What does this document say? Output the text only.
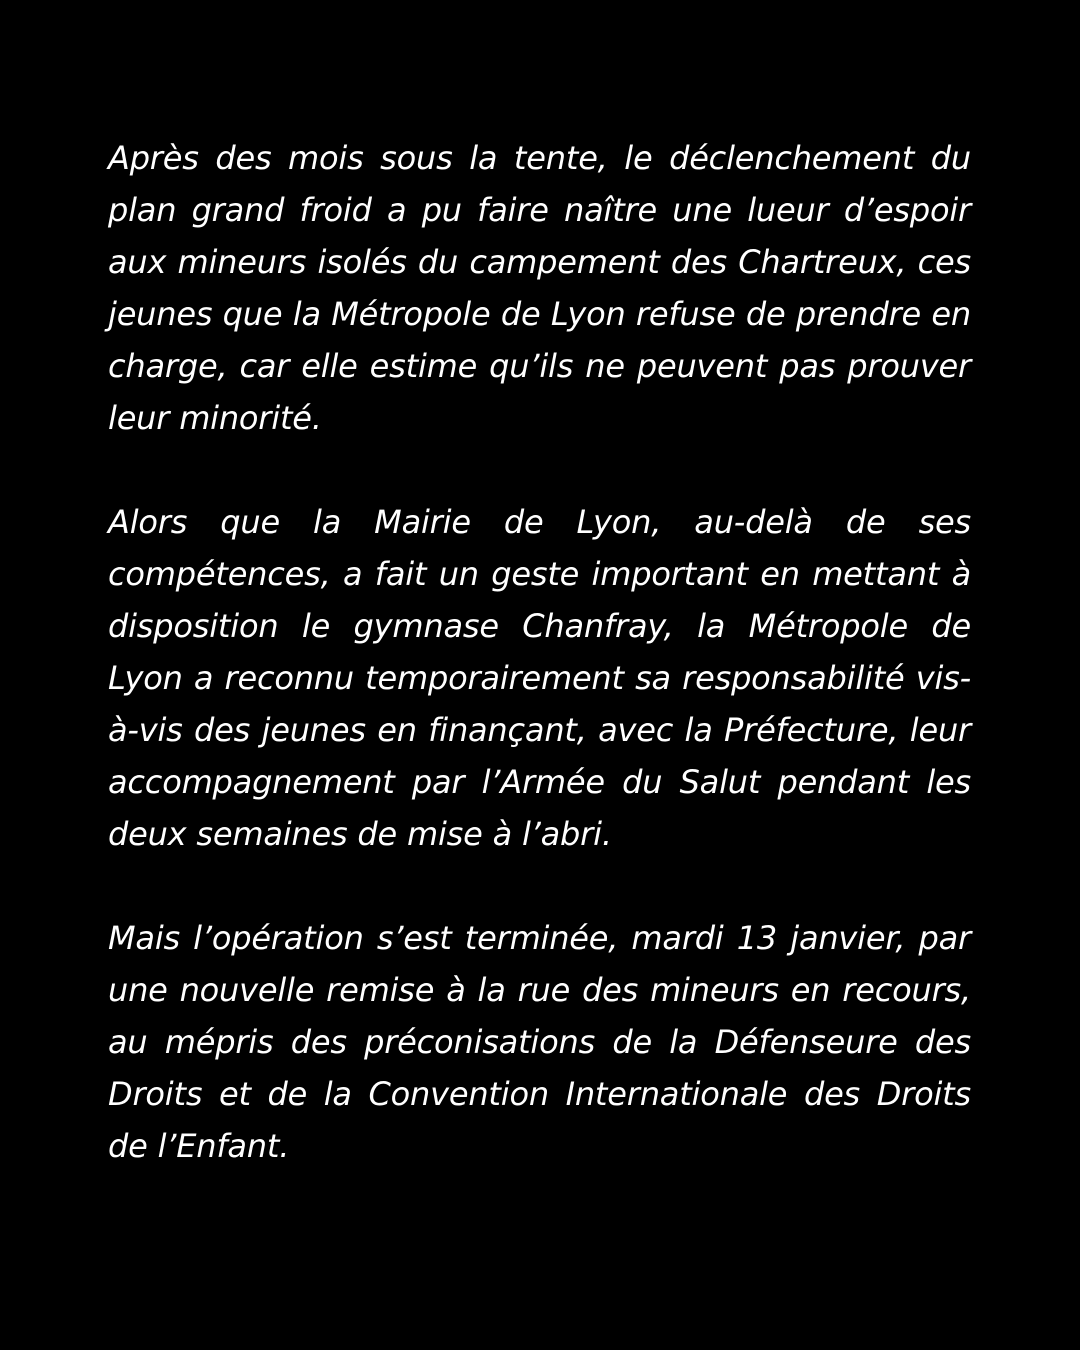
Après des mois sous la tente, le déclenchement du plan grand froid a pu faire naître une lueur d’espoir aux mineurs isolés du campement des Chartreux, ces jeunes que la Métropole de Lyon refuse de prendre en charge, car elle estime qu’ils ne peuvent pas prouver leur minorité.

Alors que la Mairie de Lyon, au-delà de ses compétences, a fait un geste important en mettant à disposition le gymnase Chanfray, la Métropole de Lyon a reconnu temporairement sa responsabilité vis-à-vis des jeunes en finançant, avec la Préfecture, leur accompagnement par l’Armée du Salut pendant les deux semaines de mise à l’abri.

Mais l’opération s’est terminée, mardi 13 janvier, par une nouvelle remise à la rue des mineurs en recours, au mépris des préconisations de la Défenseure des Droits et de la Convention Internationale des Droits de l’Enfant.
